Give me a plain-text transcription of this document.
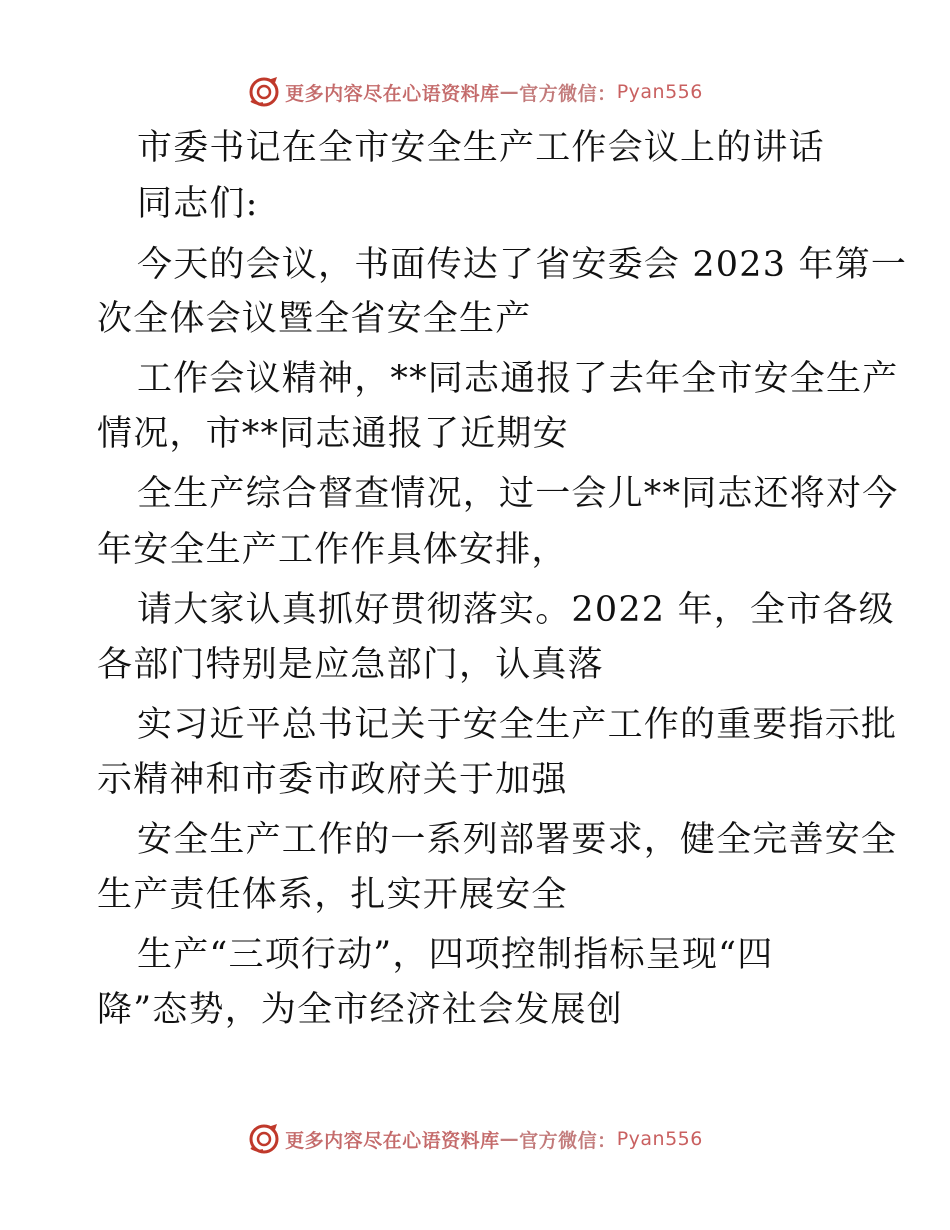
更多内容尽在心语资料库 — 官方微信： Pyan556
市委书记在全市安全生产工作会议上的讲话
同志们:
今天的会议，书面传达了省安委会 2023 年第一
次全体会议暨全省安全生产
工作会议精神，**同志通报了去年全市安全生产
情况，市**同志通报了近期安
全生产综合督查情况，过一会儿**同志还将对今
年安全生产工作作具体安排，
请大家认真抓好贯彻落实。2022 年，全市各级
各部门特别是应急部门，认真落
实习近平总书记关于安全生产工作的重要指示批
示精神和市委市政府关于加强
安全生产工作的一系列部署要求，健全完善安全
生产责任体系，扎实开展安全
生产“三项行动”，四项控制指标呈现“四
降”态势，为全市经济社会发展创
更多内容尽在心语资料库 — 官方微信： Pyan556
